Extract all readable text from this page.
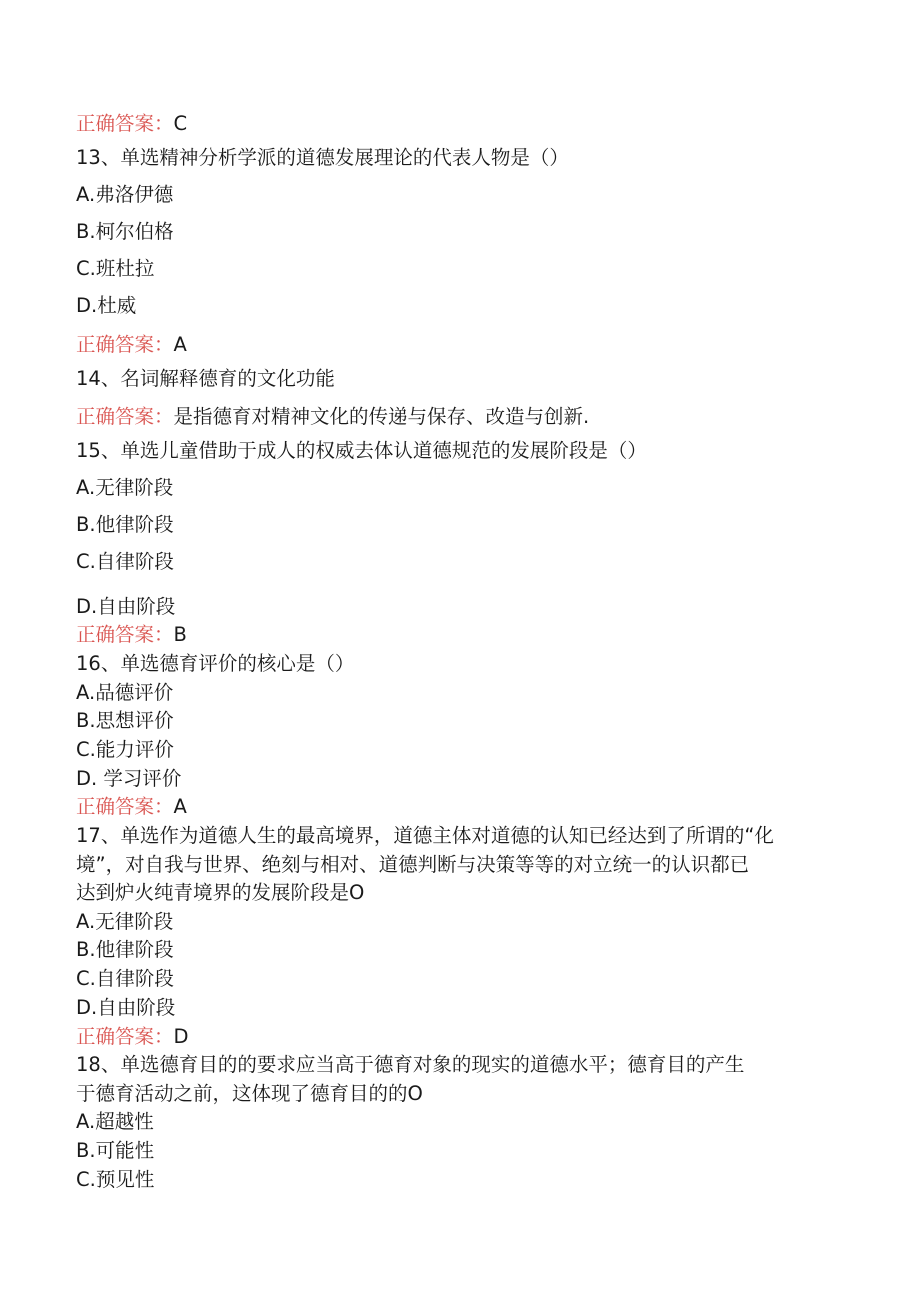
正确答案：C
13、单选精神分析学派的道德发展理论的代表人物是（）
A.弗洛伊德
B.柯尔伯格
C.班杜拉
D.杜威
正确答案：A
14、名词解释德育的文化功能
正确答案：是指德育对精神文化的传递与保存、改造与创新.
15、单选儿童借助于成人的权威去体认道德规范的发展阶段是（）
A.无律阶段
B.他律阶段
C.自律阶段
D.自由阶段
正确答案：B
16、单选德育评价的核心是（）
A.品德评价
B.思想评价
C.能力评价
D. 学习评价
正确答案：A
17、单选作为道德人生的最高境界，道德主体对道德的认知已经达到了所谓的“化
境”，对自我与世界、绝刻与相对、道德判断与决策等等的对立统一的认识都已
达到炉火纯青境界的发展阶段是O
A.无律阶段
B.他律阶段
C.自律阶段
D.自由阶段
正确答案：D
18、单选德育目的的要求应当高于德育对象的现实的道德水平；德育目的产生
于德育活动之前，这体现了德育目的的O
A.超越性
B.可能性
C.预见性
